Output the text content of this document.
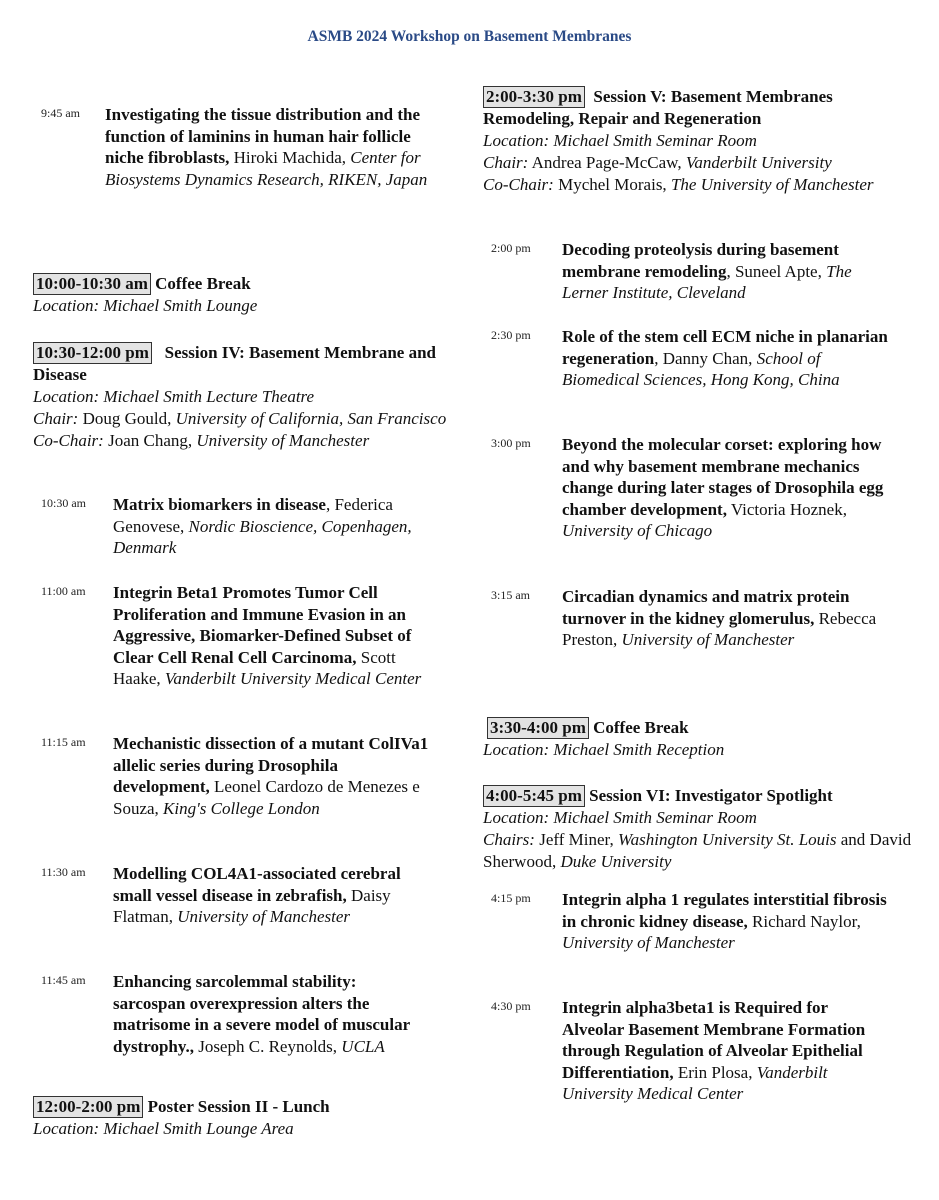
ASMB 2024 Workshop on Basement Membranes
9:45 am Investigating the tissue distribution and the function of laminins in human hair follicle niche fibroblasts, Hiroki Machida, Center for Biosystems Dynamics Research, RIKEN, Japan
10:00-10:30 am Coffee Break
Location: Michael Smith Lounge
10:30-12:00 pm   Session IV: Basement Membrane and Disease
Location: Michael Smith Lecture Theatre
Chair: Doug Gould, University of California, San Francisco
Co-Chair: Joan Chang, University of Manchester
10:30 am Matrix biomarkers in disease, Federica Genovese, Nordic Bioscience, Copenhagen, Denmark
11:00 am Integrin Beta1 Promotes Tumor Cell Proliferation and Immune Evasion in an Aggressive, Biomarker-Defined Subset of Clear Cell Renal Cell Carcinoma, Scott Haake, Vanderbilt University Medical Center
11:15 am Mechanistic dissection of a mutant ColIVa1 allelic series during Drosophila development, Leonel Cardozo de Menezes e Souza, King's College London
11:30 am Modelling COL4A1-associated cerebral small vessel disease in zebrafish, Daisy Flatman, University of Manchester
11:45 am Enhancing sarcolemmal stability: sarcospan overexpression alters the matrisome in a severe model of muscular dystrophy., Joseph C. Reynolds, UCLA
12:00-2:00 pm Poster Session II - Lunch
Location: Michael Smith Lounge Area
2:00-3:30 pm  Session V: Basement Membranes Remodeling, Repair and Regeneration
Location: Michael Smith Seminar Room
Chair: Andrea Page-McCaw, Vanderbilt University
Co-Chair: Mychel Morais, The University of Manchester
2:00 pm Decoding proteolysis during basement membrane remodeling, Suneel Apte, The Lerner Institute, Cleveland
2:30 pm Role of the stem cell ECM niche in planarian regeneration, Danny Chan, School of Biomedical Sciences, Hong Kong, China
3:00 pm Beyond the molecular corset: exploring how and why basement membrane mechanics change during later stages of Drosophila egg chamber development, Victoria Hoznek, University of Chicago
3:15 am Circadian dynamics and matrix protein turnover in the kidney glomerulus, Rebecca Preston, University of Manchester
3:30-4:00 pm Coffee Break
Location: Michael Smith Reception
4:00-5:45 pm Session VI: Investigator Spotlight
Location: Michael Smith Seminar Room
Chairs: Jeff Miner, Washington University St. Louis and David Sherwood, Duke University
4:15 pm Integrin alpha 1 regulates interstitial fibrosis in chronic kidney disease, Richard Naylor, University of Manchester
4:30 pm Integrin alpha3beta1 is Required for Alveolar Basement Membrane Formation through Regulation of Alveolar Epithelial Differentiation, Erin Plosa, Vanderbilt University Medical Center
